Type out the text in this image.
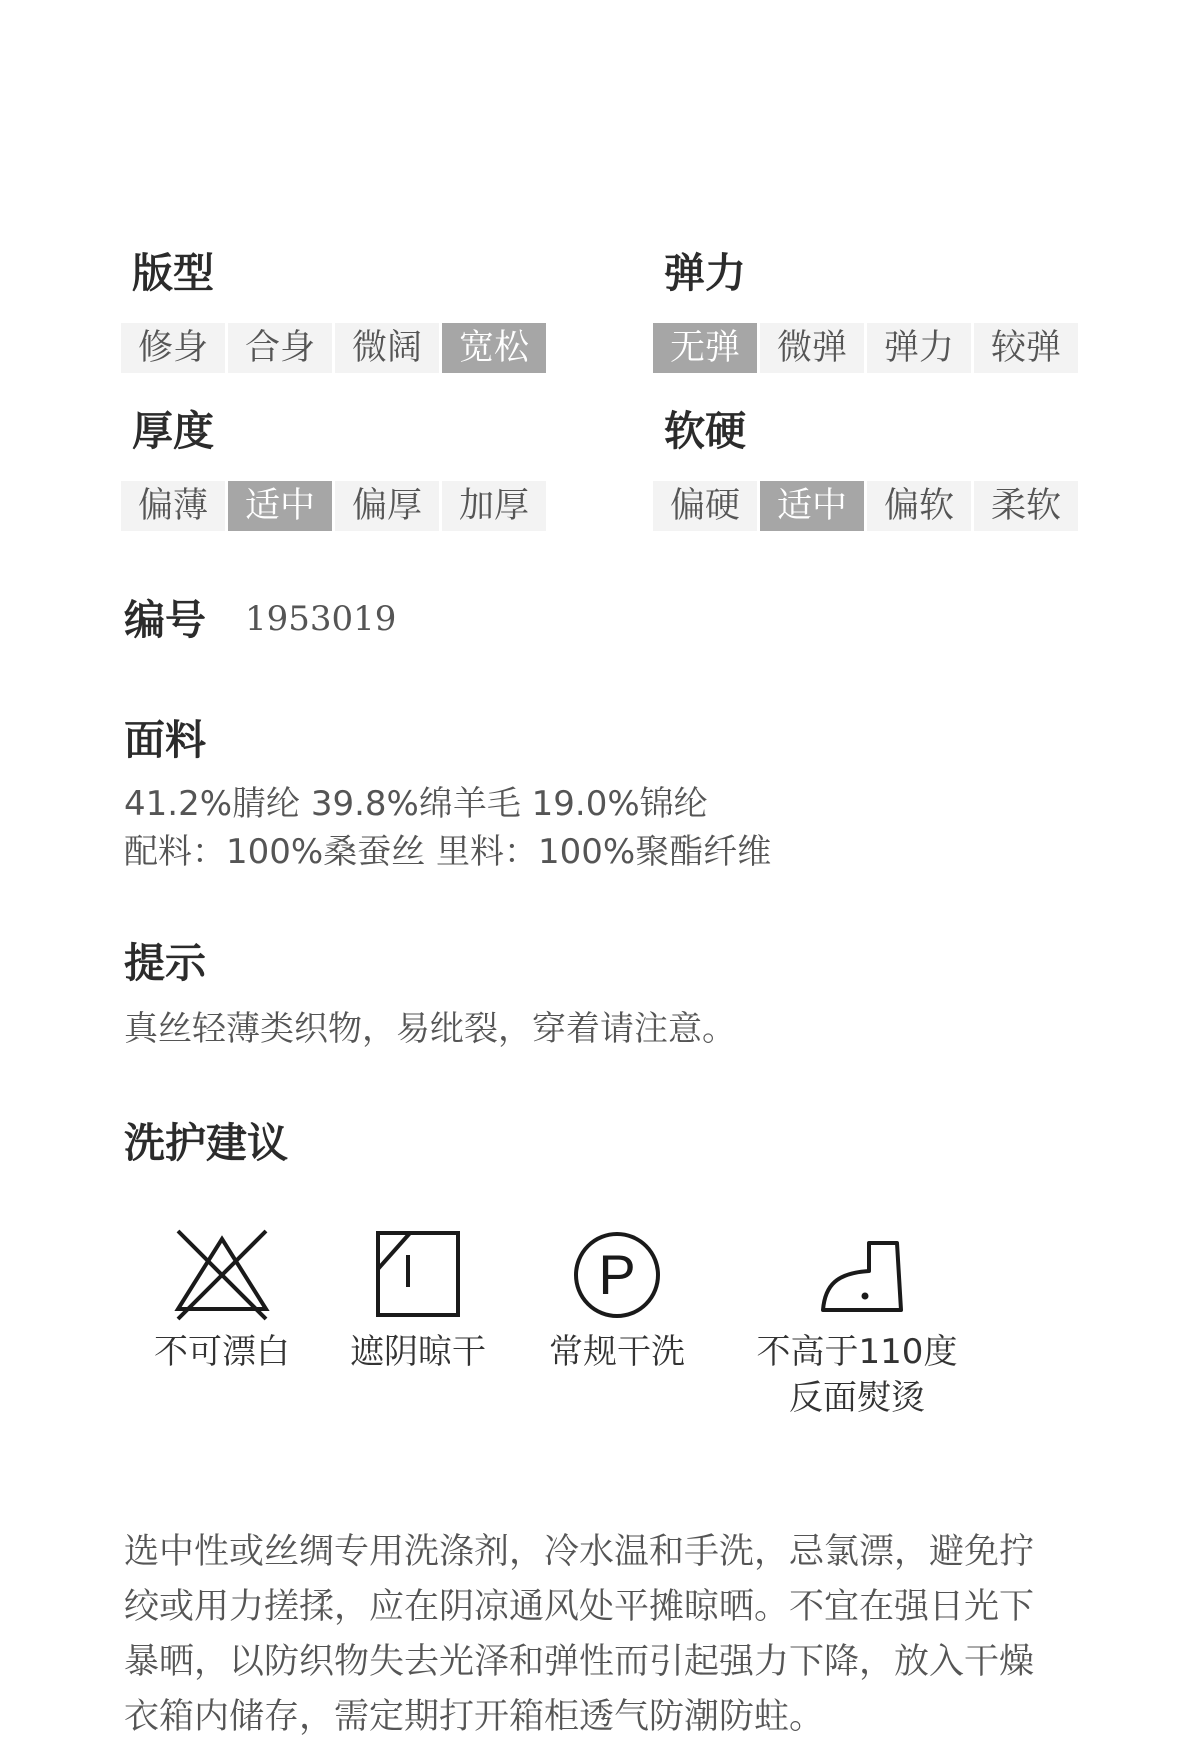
版型
修身	合身	微阔	宽松
弹力
无弹	微弹	弹力	较弹
厚度
偏薄	适中	偏厚	加厚
软硬
偏硬	适中	偏软	柔软
编号 1953019
面料
41.2%腈纶 39.8%绵羊毛 19.0%锦纶
配料：100%桑蚕丝 里料：100%聚酯纤维
提示
真丝轻薄类织物，易纰裂，穿着请注意。
洗护建议
不可漂白	遮阴晾干
P
常规干洗	不高于110度
反面熨烫
选中性或丝绸专用洗涤剂，冷水温和手洗，忌氯漂，避免拧
绞或用力搓揉，应在阴凉通风处平摊晾晒。不宜在强日光下
暴晒，以防织物失去光泽和弹性而引起强力下降，放入干燥
衣箱内储存，需定期打开箱柜透气防潮防蛀。
